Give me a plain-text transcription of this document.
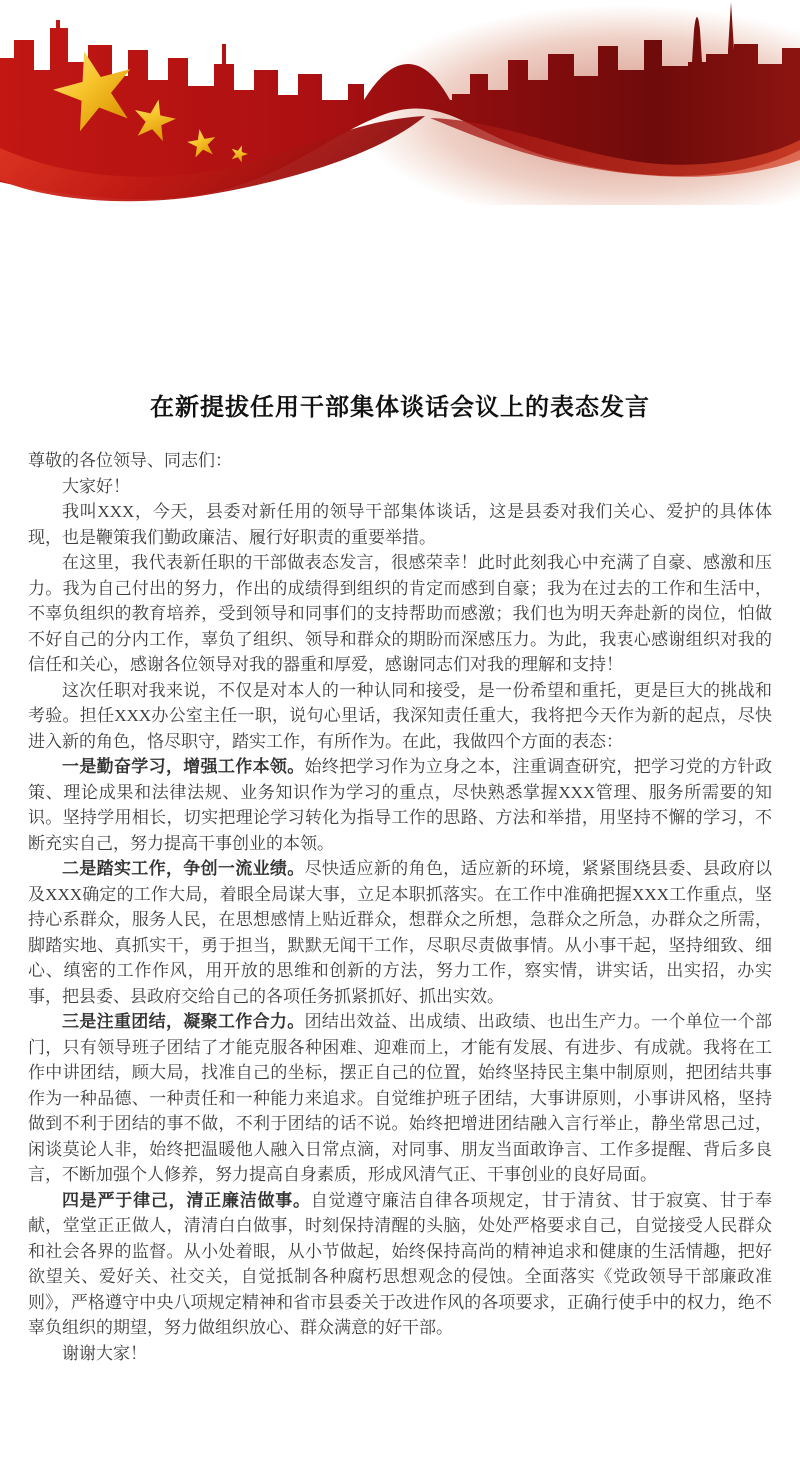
在新提拔任用干部集体谈话会议上的表态发言

尊敬的各位领导、同志们：

大家好！

我叫XXX，今天，县委对新任用的领导干部集体谈话，这是县委对我们关心、爱护的具体体现，也是鞭策我们勤政廉洁、履行好职责的重要举措。

在这里，我代表新任职的干部做表态发言，很感荣幸！此时此刻我心中充满了自豪、感激和压力。我为自己付出的努力，作出的成绩得到组织的肯定而感到自豪；我为在过去的工作和生活中，不辜负组织的教育培养，受到领导和同事们的支持帮助而感激；我们也为明天奔赴新的岗位，怕做不好自己的分内工作，辜负了组织、领导和群众的期盼而深感压力。为此，我衷心感谢组织对我的信任和关心，感谢各位领导对我的器重和厚爱，感谢同志们对我的理解和支持！

这次任职对我来说，不仅是对本人的一种认同和接受，是一份希望和重托，更是巨大的挑战和考验。担任XXX办公室主任一职，说句心里话，我深知责任重大，我将把今天作为新的起点，尽快进入新的角色，恪尽职守，踏实工作，有所作为。在此，我做四个方面的表态：

一是勤奋学习，增强工作本领。始终把学习作为立身之本，注重调查研究，把学习党的方针政策、理论成果和法律法规、业务知识作为学习的重点，尽快熟悉掌握XXX管理、服务所需要的知识。坚持学用相长，切实把理论学习转化为指导工作的思路、方法和举措，用坚持不懈的学习，不断充实自己，努力提高干事创业的本领。

二是踏实工作，争创一流业绩。尽快适应新的角色，适应新的环境，紧紧围绕县委、县政府以及XXX确定的工作大局，着眼全局谋大事，立足本职抓落实。在工作中准确把握XXX工作重点，坚持心系群众，服务人民，在思想感情上贴近群众，想群众之所想，急群众之所急，办群众之所需，脚踏实地、真抓实干，勇于担当，默默无闻干工作，尽职尽责做事情。从小事干起，坚持细致、细心、缜密的工作作风，用开放的思维和创新的方法，努力工作，察实情，讲实话，出实招，办实事，把县委、县政府交给自己的各项任务抓紧抓好、抓出实效。

三是注重团结，凝聚工作合力。团结出效益、出成绩、出政绩、也出生产力。一个单位一个部门，只有领导班子团结了才能克服各种困难、迎难而上，才能有发展、有进步、有成就。我将在工作中讲团结，顾大局，找准自己的坐标，摆正自己的位置，始终坚持民主集中制原则，把团结共事作为一种品德、一种责任和一种能力来追求。自觉维护班子团结，大事讲原则，小事讲风格，坚持做到不利于团结的事不做，不利于团结的话不说。始终把增进团结融入言行举止，静坐常思己过，闲谈莫论人非，始终把温暖他人融入日常点滴，对同事、朋友当面敢诤言、工作多提醒、背后多良言，不断加强个人修养，努力提高自身素质，形成风清气正、干事创业的良好局面。

四是严于律己，清正廉洁做事。自觉遵守廉洁自律各项规定，甘于清贫、甘于寂寞、甘于奉献，堂堂正正做人，清清白白做事，时刻保持清醒的头脑，处处严格要求自己，自觉接受人民群众和社会各界的监督。从小处着眼，从小节做起，始终保持高尚的精神追求和健康的生活情趣，把好欲望关、爱好关、社交关，自觉抵制各种腐朽思想观念的侵蚀。全面落实《党政领导干部廉政准则》，严格遵守中央八项规定精神和省市县委关于改进作风的各项要求，正确行使手中的权力，绝不辜负组织的期望，努力做组织放心、群众满意的好干部。

谢谢大家！
